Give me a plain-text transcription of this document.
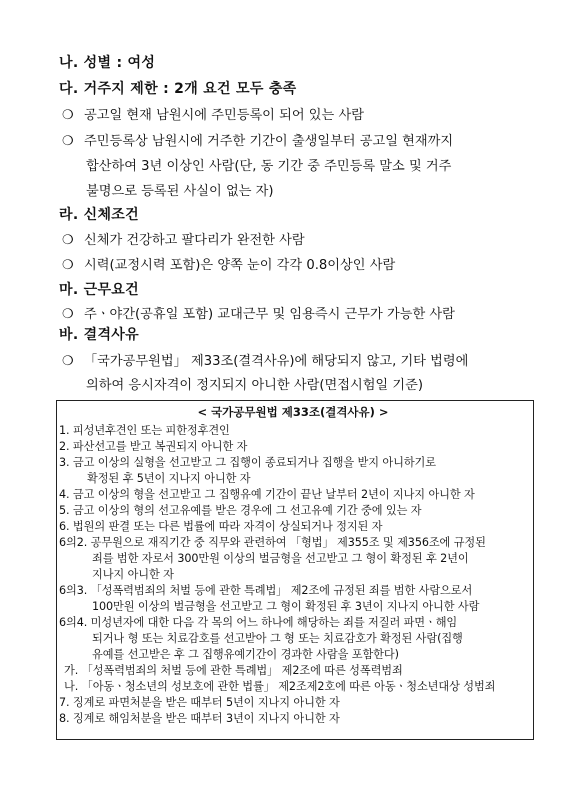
나. 성별 : 여성
다. 거주지 제한 : 2개 요건 모두 충족
❍ 공고일 현재 남원시에 주민등록이 되어 있는 사람
❍ 주민등록상 남원시에 거주한 기간이 출생일부터 공고일 현재까지
합산하여 3년 이상인 사람(단, 동 기간 중 주민등록 말소 및 거주
불명으로 등록된 사실이 없는 자)
라. 신체조건
❍ 신체가 건강하고 팔다리가 완전한 사람
❍ 시력(교정시력 포함)은 양쪽 눈이 각각 0.8이상인 사람
마. 근무요건
❍ 주ㆍ야간(공휴일 포함) 교대근무 및 임용즉시 근무가 가능한 사람
바. 결격사유
❍ 「국가공무원법」 제33조(결격사유)에 해당되지 않고, 기타 법령에
의하여 응시자격이 정지되지 아니한 사람(면접시험일 기준)
< 국가공무원법 제33조(결격사유) >
1. 피성년후견인 또는 피한정후견인
2. 파산선고를 받고 복권되지 아니한 자
3. 금고 이상의 실형을 선고받고 그 집행이 종료되거나 집행을 받지 아니하기로
확정된 후 5년이 지나지 아니한 자
4. 금고 이상의 형을 선고받고 그 집행유예 기간이 끝난 날부터 2년이 지나지 아니한 자
5. 금고 이상의 형의 선고유예를 받은 경우에 그 선고유예 기간 중에 있는 자
6. 법원의 판결 또는 다른 법률에 따라 자격이 상실되거나 정지된 자
6의2. 공무원으로 재직기간 중 직무와 관련하여 「형법」 제355조 및 제356조에 규정된
죄를 범한 자로서 300만원 이상의 벌금형을 선고받고 그 형이 확정된 후 2년이
지나지 아니한 자
6의3. 「성폭력범죄의 처벌 등에 관한 특례법」 제2조에 규정된 죄를 범한 사람으로서
100만원 이상의 벌금형을 선고받고 그 형이 확정된 후 3년이 지나지 아니한 사람
6의4. 미성년자에 대한 다음 각 목의 어느 하나에 해당하는 죄를 저질러 파면ㆍ해임
되거나 형 또는 치료감호를 선고받아 그 형 또는 치료감호가 확정된 사람(집행
유예를 선고받은 후 그 집행유예기간이 경과한 사람을 포함한다)
가. 「성폭력범죄의 처벌 등에 관한 특례법」 제2조에 따른 성폭력범죄
나. 「아동ㆍ청소년의 성보호에 관한 법률」 제2조제2호에 따른 아동ㆍ청소년대상 성범죄
7. 징계로 파면처분을 받은 때부터 5년이 지나지 아니한 자
8. 징계로 해임처분을 받은 때부터 3년이 지나지 아니한 자
